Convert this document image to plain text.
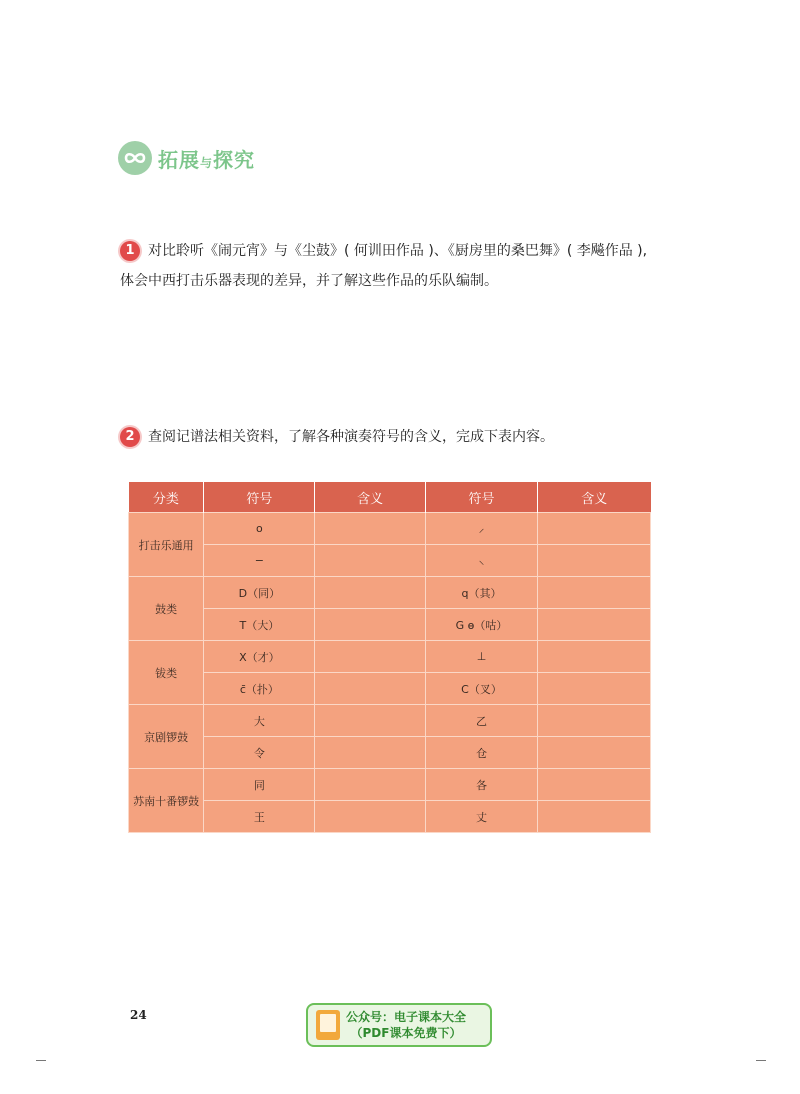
拓展与探究
1 对比聆听《闹元宵》与《尘鼓》( 何训田作品 )、《厨房里的桑巴舞》( 李飚作品 ),
体会中西打击乐器表现的差异，并了解这些作品的乐队编制。
2 查阅记谱法相关资料，了解各种演奏符号的含义，完成下表内容。
分类	符号	含义	符号	含义
打击乐通用	o		⸝	
	−		⸜	
鼓类	D（同）		q（其）	
	T（大）		G ɵ（咕）	
钹类	X（才）		⊥	
	c̄（扑）		C（叉）	
京剧锣鼓	大		乙	
	令		仓	
苏南十番锣鼓	同		各	
	王		丈	
24	公众号：电子课本大全
（PDF课本免费下）
